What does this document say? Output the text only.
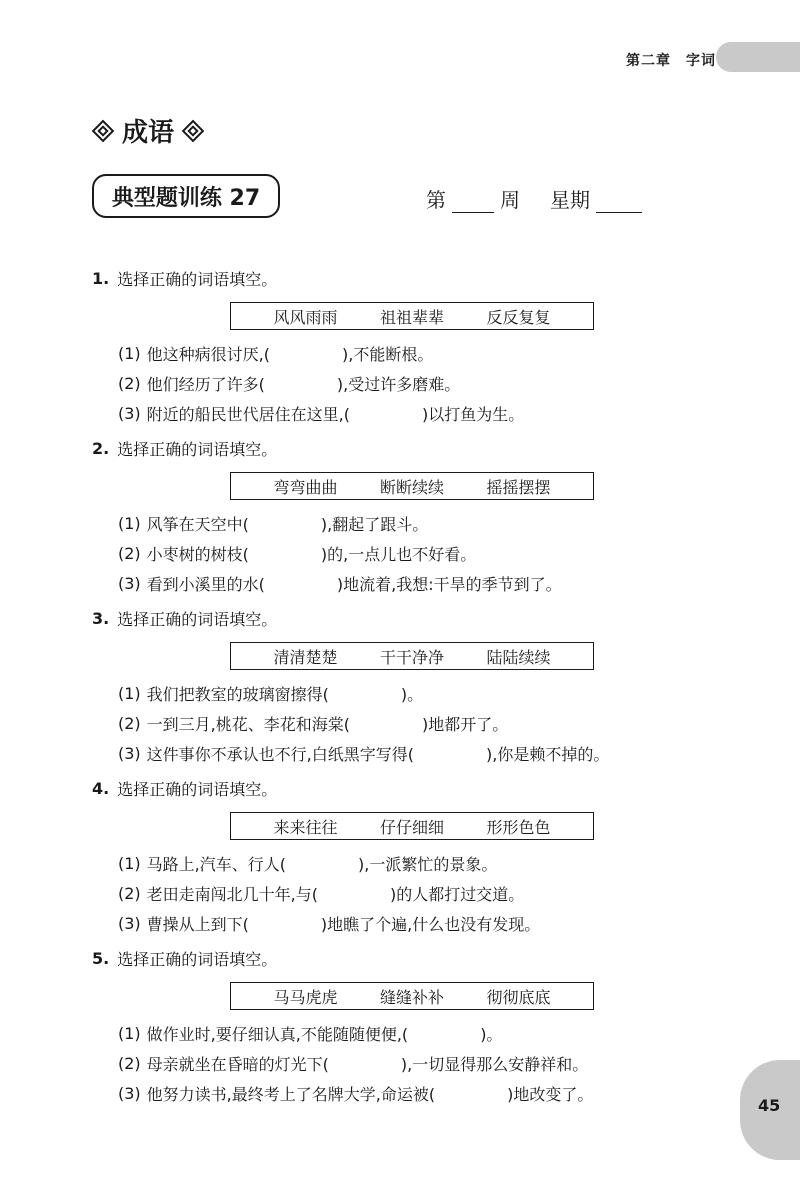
第二章　字词
成语
典型题训练 27	第	周 星期
1. 选择正确的词语填空。
风风雨雨	祖祖辈辈	反反复复
(1) 他这种病很讨厌,(	),不能断根。
(2) 他们经历了许多(	),受过许多磨难。
(3) 附近的船民世代居住在这里,(	)以打鱼为生。
2. 选择正确的词语填空。
弯弯曲曲	断断续续	摇摇摆摆
(1) 风筝在天空中(	),翻起了跟斗。
(2) 小枣树的树枝(	)的,一点儿也不好看。
(3) 看到小溪里的水(	)地流着,我想:干旱的季节到了。
3. 选择正确的词语填空。
清清楚楚	干干净净	陆陆续续
(1) 我们把教室的玻璃窗擦得(	)。
(2) 一到三月,桃花、李花和海棠(	)地都开了。
(3) 这件事你不承认也不行,白纸黑字写得(	),你是赖不掉的。
4. 选择正确的词语填空。
来来往往	仔仔细细	形形色色
(1) 马路上,汽车、行人(	),一派繁忙的景象。
(2) 老田走南闯北几十年,与(	)的人都打过交道。
(3) 曹操从上到下(	)地瞧了个遍,什么也没有发现。
5. 选择正确的词语填空。
马马虎虎	缝缝补补	彻彻底底
(1) 做作业时,要仔细认真,不能随随便便,(	)。
(2) 母亲就坐在昏暗的灯光下(	),一切显得那么安静祥和。
(3) 他努力读书,最终考上了名牌大学,命运被(	)地改变了。
45
